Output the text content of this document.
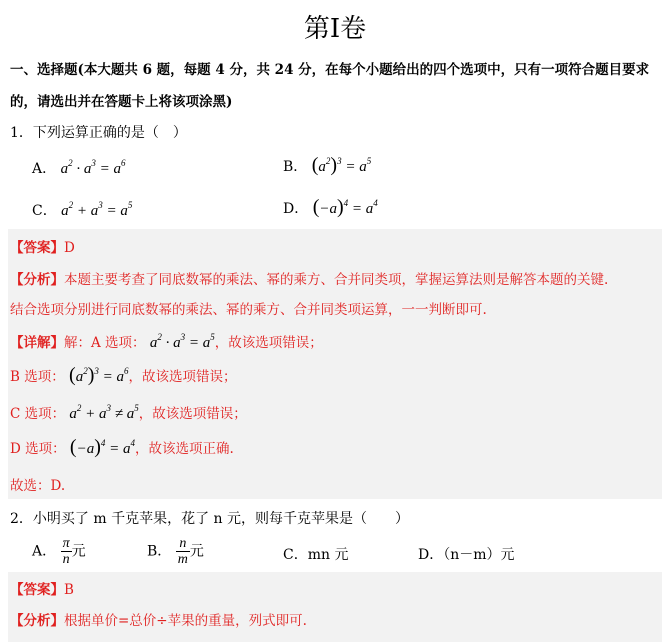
第Ⅰ卷
一、选择题(本大题共 6 题，每题 4 分，共 24 分，在每个小题给出的四个选项中，只有一项符合题目要求
的，请选出并在答题卡上将该项涂黑)
1．下列运算正确的是（　）
A． $a^2 \cdot a^3 = a^6$	B． $(a^2)^3 = a^5$
C． $a^2 + a^3 = a^5$	D． $(-a)^4 = a^4$
【答案】D
【分析】本题主要考查了同底数幂的乘法、幂的乘方、合并同类项，掌握运算法则是解答本题的关键.
结合选项分别进行同底数幂的乘法、幂的乘方、合并同类项运算，一一判断即可.
【详解】解：A 选项： $a^2 \cdot a^3 = a^5$，故该选项错误；
B 选项： $(a^2)^3 = a^6$，故该选项错误；
C 选项： $a^2 + a^3 \ne a^5$，故该选项错误；
D 选项： $(-a)^4 = a^4$，故该选项正确.
故选：D.
2．小明买了 m 千克苹果，花了 n 元，则每千克苹果是（　　）
A． $\frac{\pi}{n}$ 元	B． $\frac{n}{m}$ 元	C．mn 元	D．（n－m）元
【答案】B
【分析】根据单价=总价÷苹果的重量，列式即可.
